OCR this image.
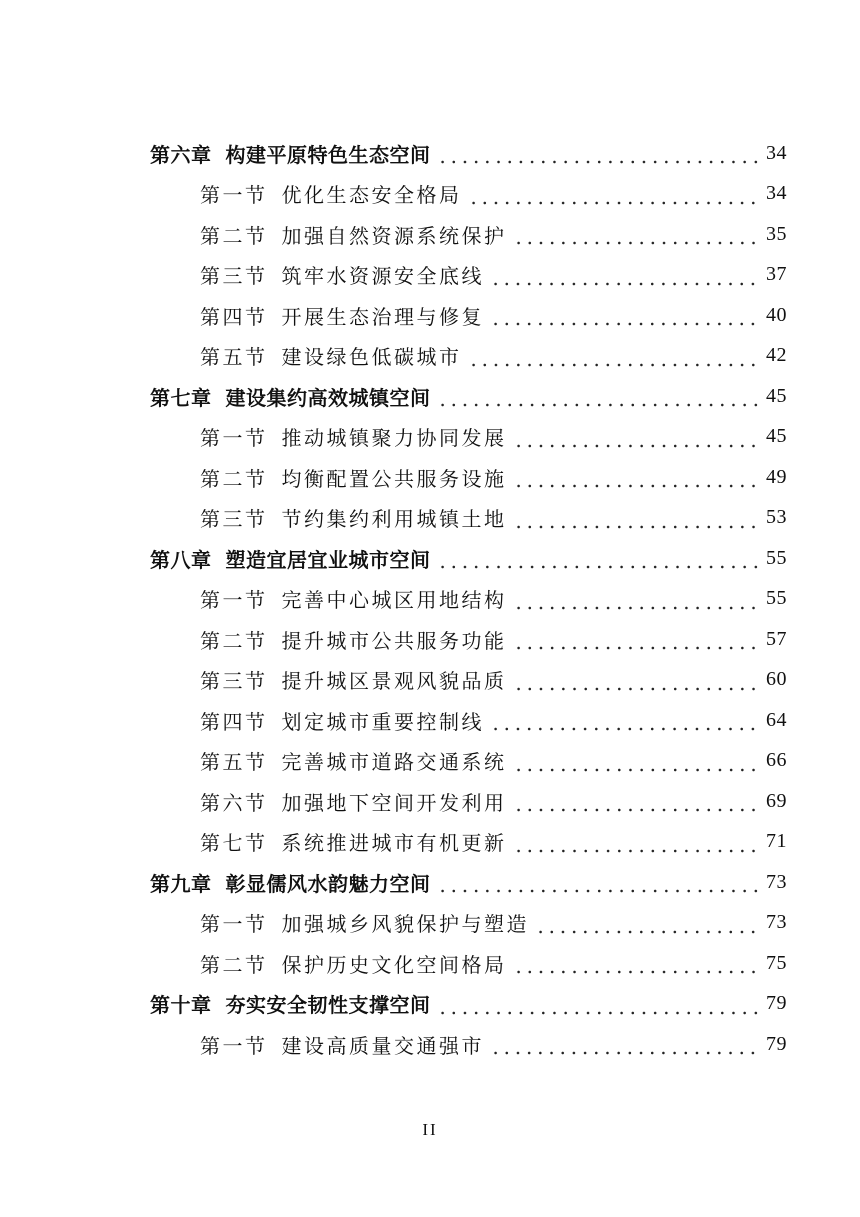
第六章 构建平原特色生态空间	34
第一节 优化生态安全格局	34
第二节 加强自然资源系统保护	35
第三节 筑牢水资源安全底线	37
第四节 开展生态治理与修复	40
第五节 建设绿色低碳城市	42
第七章 建设集约高效城镇空间	45
第一节 推动城镇聚力协同发展	45
第二节 均衡配置公共服务设施	49
第三节 节约集约利用城镇土地	53
第八章 塑造宜居宜业城市空间	55
第一节 完善中心城区用地结构	55
第二节 提升城市公共服务功能	57
第三节 提升城区景观风貌品质	60
第四节 划定城市重要控制线	64
第五节 完善城市道路交通系统	66
第六节 加强地下空间开发利用	69
第七节 系统推进城市有机更新	71
第九章 彰显儒风水韵魅力空间	73
第一节 加强城乡风貌保护与塑造	73
第二节 保护历史文化空间格局	75
第十章 夯实安全韧性支撑空间	79
第一节 建设高质量交通强市	79
II
